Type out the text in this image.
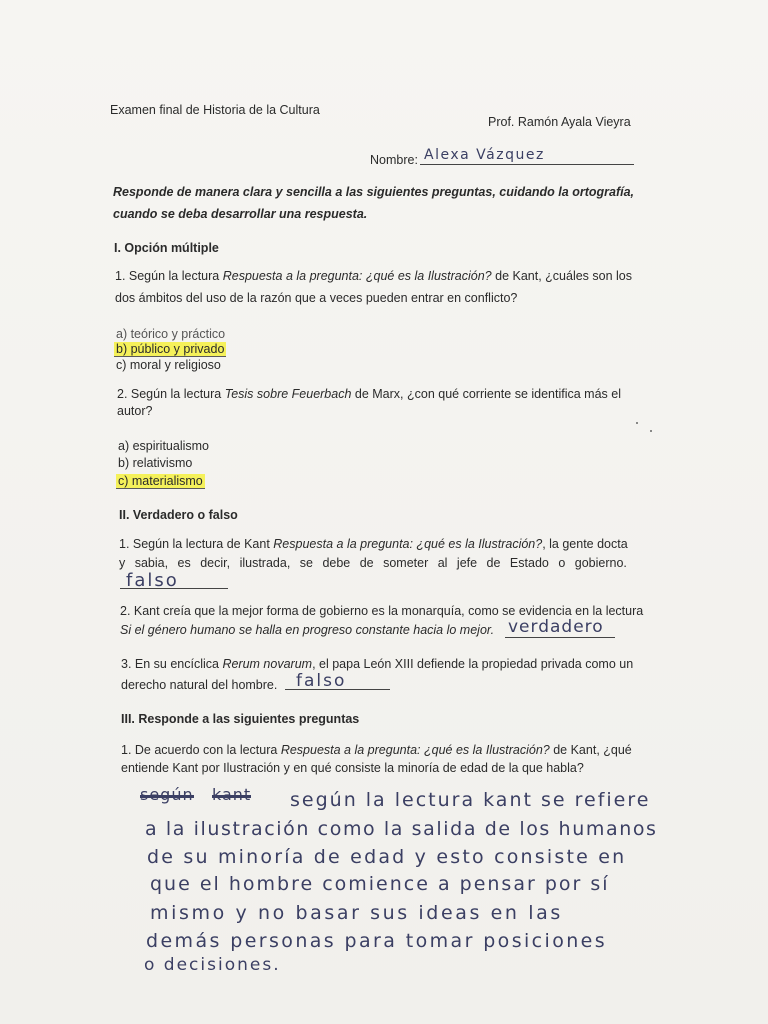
Examen final de Historia de la Cultura
Prof. Ramón Ayala Vieyra
Nombre: Alexa Vázquez
Responde de manera clara y sencilla a las siguientes preguntas, cuidando la ortografía,
cuando se deba desarrollar una respuesta.
I. Opción múltiple
1. Según la lectura Respuesta a la pregunta: ¿qué es la Ilustración? de Kant, ¿cuáles son los
dos ámbitos del uso de la razón que a veces pueden entrar en conflicto?
a) teórico y práctico
b) público y privado
c) moral y religioso
2. Según la lectura Tesis sobre Feuerbach de Marx, ¿con qué corriente se identifica más el
autor?
a) espiritualismo
b) relativismo
c) materialismo
II. Verdadero o falso
1. Según la lectura de Kant Respuesta a la pregunta: ¿qué es la Ilustración?, la gente docta
y sabia, es decir, ilustrada, se debe de someter al jefe de Estado o gobierno.
falso
2. Kant creía que la mejor forma de gobierno es la monarquía, como se evidencia en la lectura
Si el género humano se halla en progreso constante hacia lo mejor. verdadero
3. En su encíclica Rerum novarum, el papa León XIII defiende la propiedad privada como un
derecho natural del hombre. falso
III. Responde a las siguientes preguntas
1. De acuerdo con la lectura Respuesta a la pregunta: ¿qué es la Ilustración? de Kant, ¿qué
entiende Kant por Ilustración y en qué consiste la minoría de edad de la que habla?
según kant según la lectura kant se refiere
a la ilustración como la salida de los humanos
de su minoría de edad y esto consiste en
que el hombre comience a pensar por sí
mismo y no basar sus ideas en las
demás personas para tomar posiciones
o decisiones.
